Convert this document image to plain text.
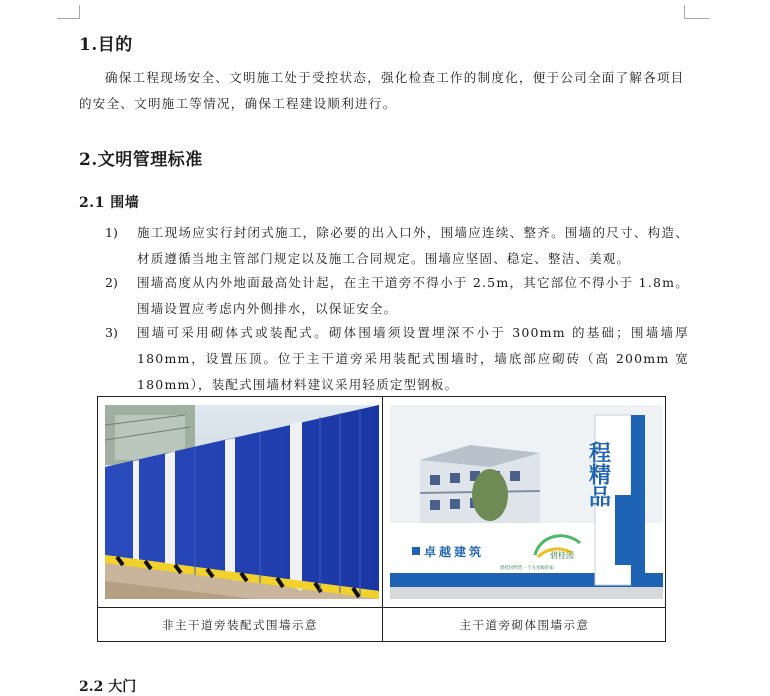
1.目的

确保工程现场安全、文明施工处于受控状态，强化检查工作的制度化，便于公司全面了解各项目的安全、文明施工等情况，确保工程建设顺利进行。

2.文明管理标准
2.1 围墙
1) 施工现场应实行封闭式施工，除必要的出入口外，围墙应连续、整齐。围墙的尺寸、构造、材质遵循当地主管部门规定以及施工合同规定。围墙应坚固、稳定、整洁、美观。

2) 围墙高度从内外地面最高处计起，在主干道旁不得小于 2.5m，其它部位不得小于 1.8m。围墙设置应考虑内外侧排水，以保证安全。

3) 围墙可采用砌体式或装配式。砌体围墙须设置埋深不小于 300mm 的基础；围墙墙厚 180mm，设置压顶。位于主干道旁采用装配式围墙时，墙底部应砌砖（高 200mm 宽 180mm），装配式围墙材料建议采用轻质定型钢板。

程精品
卓越建筑	碧桂园
碧桂园给您一个五星级的家
非主干道旁装配式围墙示意	主干道旁砌体围墙示意
2.2 大门
